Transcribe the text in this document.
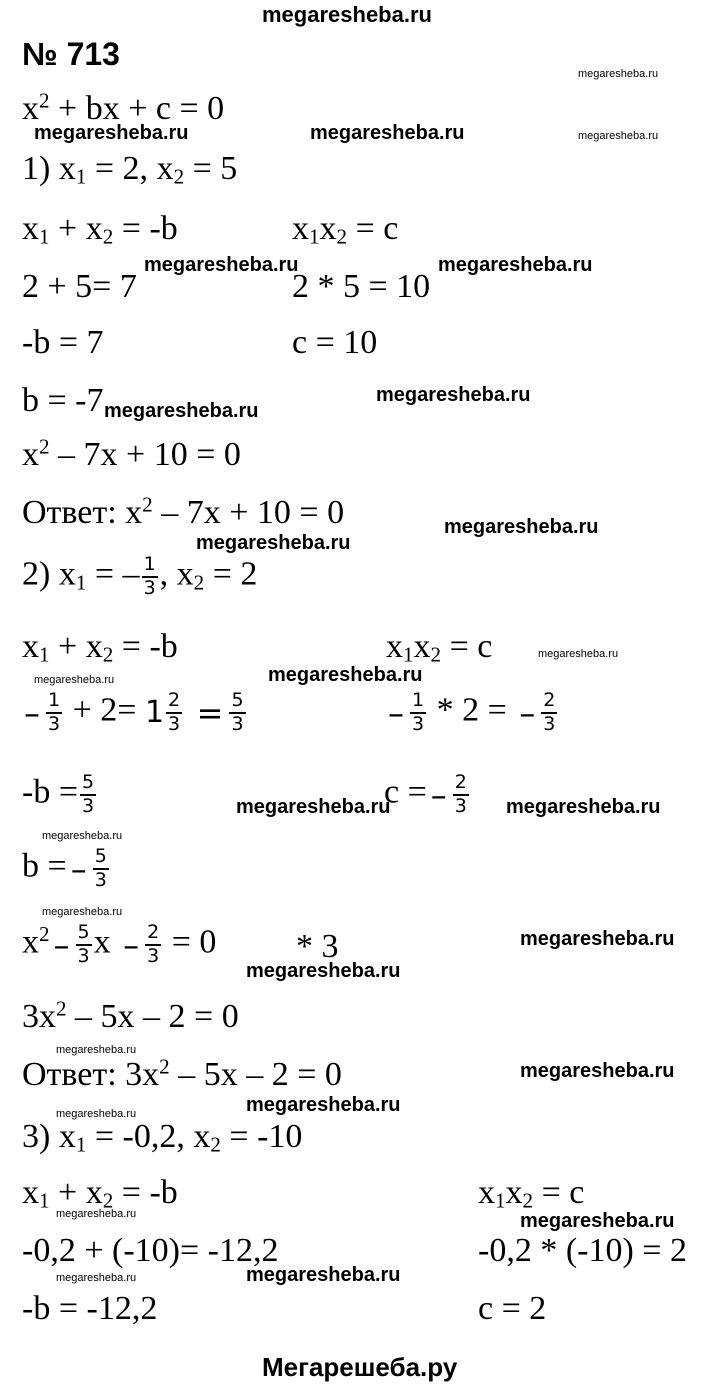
megaresheba.ru
№ 713
$x^2$ + bx + c = 0
1) $x_1 = 2$, $x_2 = 5$
$x_1 + x_2 = -b$	$x_1x_2 = c$
2 + 5= 7	2 * 5 = 10
-b = 7	c = 10
b = -7
$x^2 - 7x + 10 = 0$
Ответ: $x^2 - 7x + 10 = 0$
2) $x_1$ = – $\frac{1}{3}$ , $x_2 = 2$
$x_1 + x_2 = -b$	$x_1x_2 = c$
– $\frac{1}{3} + 2= 1 \frac{2}{3} = \frac{5}{3}$	– $\frac{1}{3} * 2$ = – $\frac{2}{3}$
$-b = \frac{5}{3}$	c = – $\frac{2}{3}$
b = – $\frac{5}{3}$
$x^2 - \frac{5}{3}$ $x - \frac{2}{3} = 0 * 3$
$3x^2 - 5x - 2 = 0$
Ответ: $3x^2 - 5x - 2 = 0$
3) $x_1 = -0,2$, $x_2 = -10$
$x_1 + x_2 = -b$	$x_1x_2 = c$
-0,2 + (-10)= -12,2	-0,2 * (-10) = 2
-b = -12,2	c = 2
megaresheba.ru
megaresheba.ru	megaresheba.ru	megaresheba.ru
megaresheba.ru	megaresheba.ru
megaresheba.ru
megaresheba.ru
megaresheba.ru
megaresheba.ru
megaresheba.ru
megaresheba.ru	megaresheba.ru
megaresheba.ru	megaresheba.ru
megaresheba.ru
megaresheba.ru
megaresheba.ru
megaresheba.ru
megaresheba.ru
megaresheba.ru
megaresheba.ru	megaresheba.ru
megaresheba.ru	megaresheba.ru
megaresheba.ru	megaresheba.ru
Мегарешеба.ру
